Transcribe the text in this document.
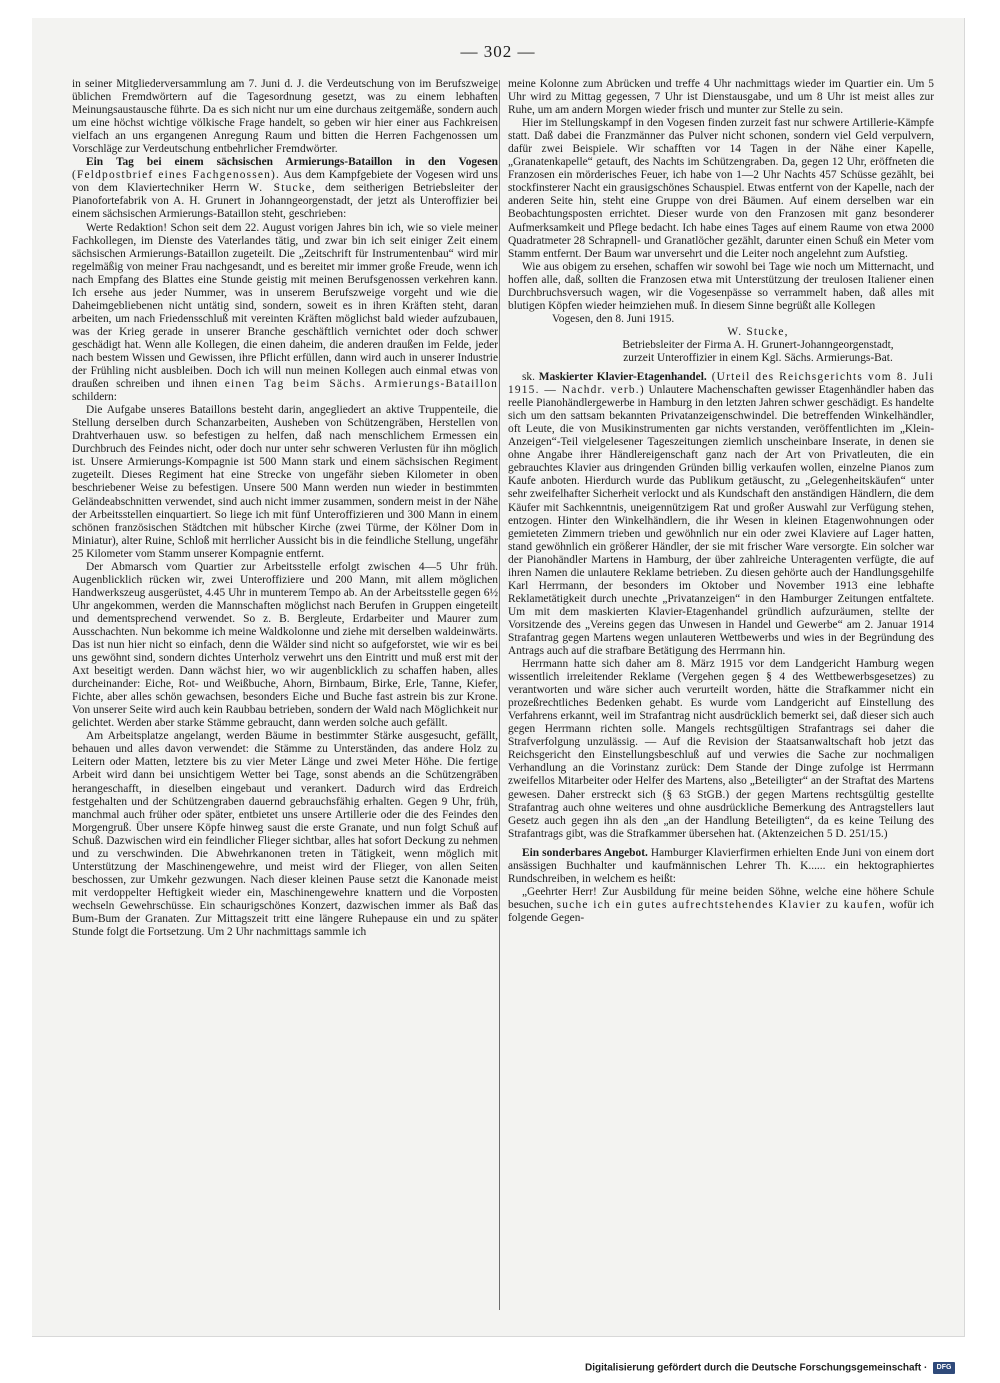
— 302 —

in seiner Mitgliederversammlung am 7. Juni d. J. die Verdeutschung von im Berufszweige üblichen Fremdwörtern auf die Tagesordnung gesetzt, was zu einem lebhaften Meinungsaustausche führte. Da es sich nicht nur um eine durchaus zeitgemäße, sondern auch um eine höchst wichtige völkische Frage handelt, so geben wir hier einer aus Fachkreisen vielfach an uns ergangenen Anregung Raum und bitten die Herren Fachgenossen um Vorschläge zur Verdeutschung entbehrlicher Fremdwörter.

Ein Tag bei einem sächsischen Armierungs-Bataillon in den Vogesen (Feldpostbrief eines Fachgenossen). Aus dem Kampfgebiete der Vogesen wird uns von dem Klaviertechniker Herrn W. Stucke, dem seitherigen Betriebsleiter der Pianofortefabrik von A. H. Grunert in Johanngeorgenstadt, der jetzt als Unteroffizier bei einem sächsischen Armierungs-Bataillon steht, geschrieben:

Werte Redaktion! Schon seit dem 22. August vorigen Jahres bin ich, wie so viele meiner Fachkollegen, im Dienste des Vaterlandes tätig, und zwar bin ich seit einiger Zeit einem sächsischen Armierungs-Bataillon zugeteilt. Die „Zeitschrift für Instrumentenbau“ wird mir regelmäßig von meiner Frau nachgesandt, und es bereitet mir immer große Freude, wenn ich nach Empfang des Blattes eine Stunde geistig mit meinen Berufsgenossen verkehren kann. Ich ersehe aus jeder Nummer, was in unserem Berufszweige vorgeht und wie die Daheimgebliebenen nicht untätig sind, sondern, soweit es in ihren Kräften steht, daran arbeiten, um nach Friedensschluß mit vereinten Kräften möglichst bald wieder aufzubauen, was der Krieg gerade in unserer Branche geschäftlich vernichtet oder doch schwer geschädigt hat. Wenn alle Kollegen, die einen daheim, die anderen draußen im Felde, jeder nach bestem Wissen und Gewissen, ihre Pflicht erfüllen, dann wird auch in unserer Industrie der Frühling nicht ausbleiben. Doch ich will nun meinen Kollegen auch einmal etwas von draußen schreiben und ihnen einen Tag beim Sächs. Armierungs-Bataillon schildern:

Die Aufgabe unseres Bataillons besteht darin, angegliedert an aktive Truppenteile, die Stellung derselben durch Schanzarbeiten, Ausheben von Schützengräben, Herstellen von Drahtverhauen usw. so befestigen zu helfen, daß nach menschlichem Ermessen ein Durchbruch des Feindes nicht, oder doch nur unter sehr schweren Verlusten für ihn möglich ist. Unsere Armierungs-Kompagnie ist 500 Mann stark und einem sächsischen Regiment zugeteilt. Dieses Regiment hat eine Strecke von ungefähr sieben Kilometer in oben beschriebener Weise zu befestigen. Unsere 500 Mann werden nun wieder in bestimmten Geländeabschnitten verwendet, sind auch nicht immer zusammen, sondern meist in der Nähe der Arbeitsstellen einquartiert. So liege ich mit fünf Unteroffizieren und 300 Mann in einem schönen französischen Städtchen mit hübscher Kirche (zwei Türme, der Kölner Dom in Miniatur), alter Ruine, Schloß mit herrlicher Aussicht bis in die feindliche Stellung, ungefähr 25 Kilometer vom Stamm unserer Kompagnie entfernt.

Der Abmarsch vom Quartier zur Arbeitsstelle erfolgt zwischen 4—5 Uhr früh. Augenblicklich rücken wir, zwei Unteroffiziere und 200 Mann, mit allem möglichen Handwerkszeug ausgerüstet, 4.45 Uhr in munterem Tempo ab. An der Arbeitsstelle gegen 6½ Uhr angekommen, werden die Mannschaften möglichst nach Berufen in Gruppen eingeteilt und dementsprechend verwendet. So z. B. Bergleute, Erdarbeiter und Maurer zum Ausschachten. Nun bekomme ich meine Waldkolonne und ziehe mit derselben waldeinwärts. Das ist nun hier nicht so einfach, denn die Wälder sind nicht so aufgeforstet, wie wir es bei uns gewöhnt sind, sondern dichtes Unterholz verwehrt uns den Eintritt und muß erst mit der Axt beseitigt werden. Dann wächst hier, wo wir augenblicklich zu schaffen haben, alles durcheinander: Eiche, Rot- und Weißbuche, Ahorn, Birnbaum, Birke, Erle, Tanne, Kiefer, Fichte, aber alles schön gewachsen, besonders Eiche und Buche fast astrein bis zur Krone. Von unserer Seite wird auch kein Raubbau betrieben, sondern der Wald nach Möglichkeit nur gelichtet. Werden aber starke Stämme gebraucht, dann werden solche auch gefällt.

Am Arbeitsplatze angelangt, werden Bäume in bestimmter Stärke ausgesucht, gefällt, behauen und alles davon verwendet: die Stämme zu Unterständen, das andere Holz zu Leitern oder Matten, letztere bis zu vier Meter Länge und zwei Meter Höhe. Die fertige Arbeit wird dann bei unsichtigem Wetter bei Tage, sonst abends an die Schützengräben herangeschafft, in dieselben eingebaut und verankert. Dadurch wird das Erdreich festgehalten und der Schützengraben dauernd gebrauchsfähig erhalten. Gegen 9 Uhr, früh, manchmal auch früher oder später, entbietet uns unsere Artillerie oder die des Feindes den Morgengruß. Über unsere Köpfe hinweg saust die erste Granate, und nun folgt Schuß auf Schuß. Dazwischen wird ein feindlicher Flieger sichtbar, alles hat sofort Deckung zu nehmen und zu verschwinden. Die Abwehrkanonen treten in Tätigkeit, wenn möglich mit Unterstützung der Maschinengewehre, und meist wird der Flieger, von allen Seiten beschossen, zur Umkehr gezwungen. Nach dieser kleinen Pause setzt die Kanonade meist mit verdoppelter Heftigkeit wieder ein, Maschinengewehre knattern und die Vorposten wechseln Gewehrschüsse. Ein schaurigschönes Konzert, dazwischen immer als Baß das Bum-Bum der Granaten. Zur Mittagszeit tritt eine längere Ruhepause ein und zu später Stunde folgt die Fortsetzung. Um 2 Uhr nachmittags sammle ich

meine Kolonne zum Abrücken und treffe 4 Uhr nachmittags wieder im Quartier ein. Um 5 Uhr wird zu Mittag gegessen, 7 Uhr ist Dienstausgabe, und um 8 Uhr ist meist alles zur Ruhe, um am andern Morgen wieder frisch und munter zur Stelle zu sein.

Hier im Stellungskampf in den Vogesen finden zurzeit fast nur schwere Artillerie-Kämpfe statt. Daß dabei die Franzmänner das Pulver nicht schonen, sondern viel Geld verpulvern, dafür zwei Beispiele. Wir schafften vor 14 Tagen in der Nähe einer Kapelle, „Granatenkapelle“ getauft, des Nachts im Schützengraben. Da, gegen 12 Uhr, eröffneten die Franzosen ein mörderisches Feuer, ich habe von 1—2 Uhr Nachts 457 Schüsse gezählt, bei stockfinsterer Nacht ein grausigschönes Schauspiel. Etwas entfernt von der Kapelle, nach der anderen Seite hin, steht eine Gruppe von drei Bäumen. Auf einem derselben war ein Beobachtungsposten errichtet. Dieser wurde von den Franzosen mit ganz besonderer Aufmerksamkeit und Pflege bedacht. Ich habe eines Tages auf einem Raume von etwa 2000 Quadratmeter 28 Schrapnell- und Granatlöcher gezählt, darunter einen Schuß ein Meter vom Stamm entfernt. Der Baum war unversehrt und die Leiter noch angelehnt zum Aufstieg.

Wie aus obigem zu ersehen, schaffen wir sowohl bei Tage wie noch um Mitternacht, und hoffen alle, daß, sollten die Franzosen etwa mit Unterstützung der treulosen Italiener einen Durchbruchsversuch wagen, wir die Vogesenpässe so verrammelt haben, daß alles mit blutigen Köpfen wieder heimziehen muß. In diesem Sinne begrüßt alle Kollegen

Vogesen, den 8. Juni 1915.

W. Stucke,

Betriebsleiter der Firma A. H. Grunert-Johanngeorgenstadt,

zurzeit Unteroffizier in einem Kgl. Sächs. Armierungs-Bat.

sk. Maskierter Klavier-Etagenhandel. (Urteil des Reichsgerichts vom 8. Juli 1915. — Nachdr. verb.) Unlautere Machenschaften gewisser Etagenhändler haben das reelle Pianohändlergewerbe in Hamburg in den letzten Jahren schwer geschädigt. Es handelte sich um den sattsam bekannten Privatanzeigenschwindel. Die betreffenden Winkelhändler, oft Leute, die von Musikinstrumenten gar nichts verstanden, veröffentlichten im „Klein-Anzeigen“-Teil vielgelesener Tageszeitungen ziemlich unscheinbare Inserate, in denen sie ohne Angabe ihrer Händlereigenschaft ganz nach der Art von Privatleuten, die ein gebrauchtes Klavier aus dringenden Gründen billig verkaufen wollen, einzelne Pianos zum Kaufe anboten. Hierdurch wurde das Publikum getäuscht, zu „Gelegenheitskäufen“ unter sehr zweifelhafter Sicherheit verlockt und als Kundschaft den anständigen Händlern, die dem Käufer mit Sachkenntnis, uneigennützigem Rat und großer Auswahl zur Verfügung stehen, entzogen. Hinter den Winkelhändlern, die ihr Wesen in kleinen Etagenwohnungen oder gemieteten Zimmern trieben und gewöhnlich nur ein oder zwei Klaviere auf Lager hatten, stand gewöhnlich ein größerer Händler, der sie mit frischer Ware versorgte. Ein solcher war der Pianohändler Martens in Hamburg, der über zahlreiche Unteragenten verfügte, die auf ihren Namen die unlautere Reklame betrieben. Zu diesen gehörte auch der Handlungsgehilfe Karl Herrmann, der besonders im Oktober und November 1913 eine lebhafte Reklametätigkeit durch unechte „Privatanzeigen“ in den Hamburger Zeitungen entfaltete. Um mit dem maskierten Klavier-Etagenhandel gründlich aufzuräumen, stellte der Vorsitzende des „Vereins gegen das Unwesen in Handel und Gewerbe“ am 2. Januar 1914 Strafantrag gegen Martens wegen unlauteren Wettbewerbs und wies in der Begründung des Antrags auch auf die strafbare Betätigung des Herrmann hin.

Herrmann hatte sich daher am 8. März 1915 vor dem Landgericht Hamburg wegen wissentlich irreleitender Reklame (Vergehen gegen § 4 des Wettbewerbsgesetzes) zu verantworten und wäre sicher auch verurteilt worden, hätte die Strafkammer nicht ein prozeßrechtliches Bedenken gehabt. Es wurde vom Landgericht auf Einstellung des Verfahrens erkannt, weil im Strafantrag nicht ausdrücklich bemerkt sei, daß dieser sich auch gegen Herrmann richten solle. Mangels rechtsgültigen Strafantrags sei daher die Strafverfolgung unzulässig. — Auf die Revision der Staatsanwaltschaft hob jetzt das Reichsgericht den Einstellungsbeschluß auf und verwies die Sache zur nochmaligen Verhandlung an die Vorinstanz zurück: Dem Stande der Dinge zufolge ist Herrmann zweifellos Mitarbeiter oder Helfer des Martens, also „Beteiligter“ an der Straftat des Martens gewesen. Daher erstreckt sich (§ 63 StGB.) der gegen Martens rechtsgültig gestellte Strafantrag auch ohne weiteres und ohne ausdrückliche Bemerkung des Antragstellers laut Gesetz auch gegen ihn als den „an der Handlung Beteiligten“, da es keine Teilung des Strafantrags gibt, was die Strafkammer übersehen hat. (Aktenzeichen 5 D. 251/15.)

Ein sonderbares Angebot. Hamburger Klavierfirmen erhielten Ende Juni von einem dort ansässigen Buchhalter und kaufmännischen Lehrer Th. K...... ein hektographiertes Rundschreiben, in welchem es heißt:

„Geehrter Herr! Zur Ausbildung für meine beiden Söhne, welche eine höhere Schule besuchen, suche ich ein gutes aufrechtstehendes Klavier zu kaufen, wofür ich folgende Gegen-

Digitalisierung gefördert durch die Deutsche Forschungsgemeinschaft · DFG
